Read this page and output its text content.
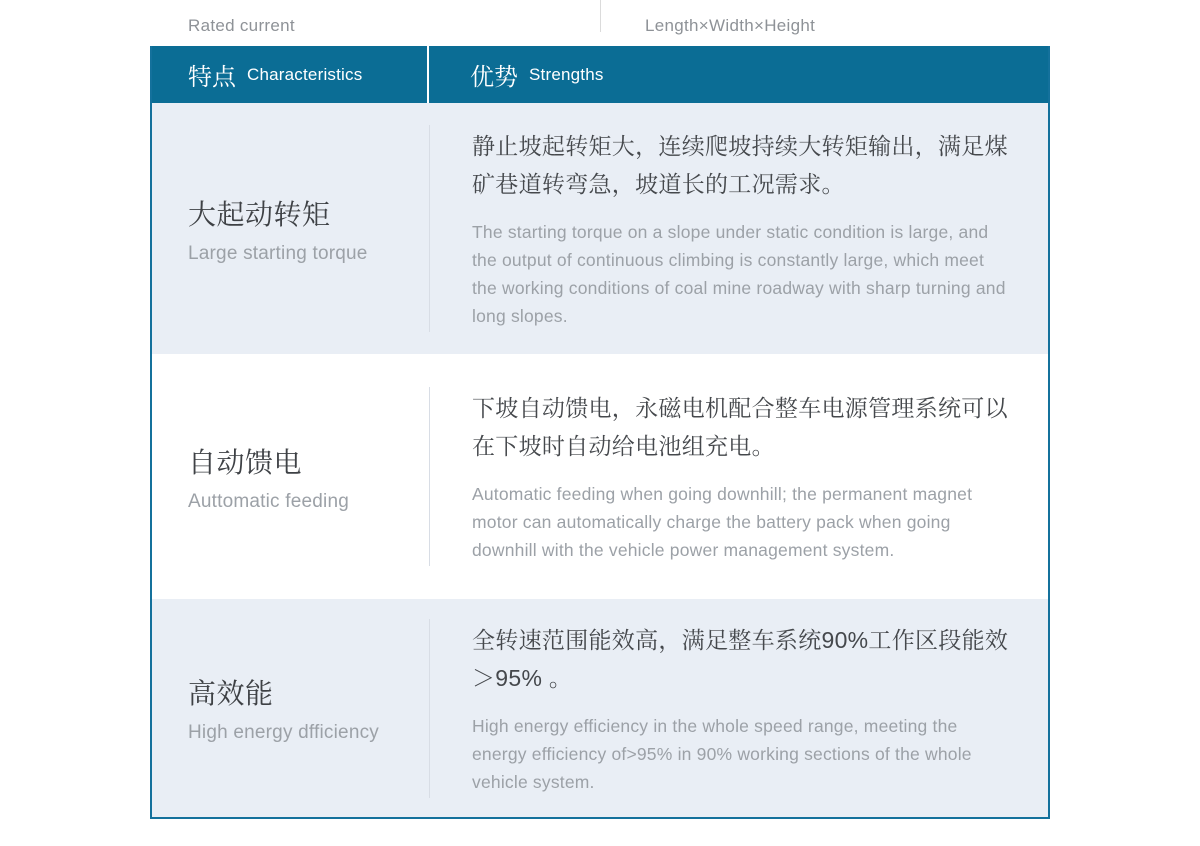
Rated current	Length×Width×Height
特点 Characteristics	优势 Strengths
大起动转矩
Large starting torque

静止坡起转矩大，连续爬坡持续大转矩输出，满足煤矿巷道转弯急，坡道长的工况需求。

The starting torque on a slope under static condition is large, and the output of continuous climbing is constantly large, which meet the working conditions of coal mine roadway with sharp turning and long slopes.

自动馈电
Auttomatic feeding

下坡自动馈电，永磁电机配合整车电源管理系统可以在下坡时自动给电池组充电。

Automatic feeding when going downhill; the permanent magnet motor can automatically charge the battery pack when going downhill with the vehicle power management system.

高效能
High energy dfficiency

全转速范围能效高，满足整车系统90%工作区段能效＞95% 。

High energy efficiency in the whole speed range, meeting the energy efficiency of>95% in 90% working sections of the whole vehicle system.
